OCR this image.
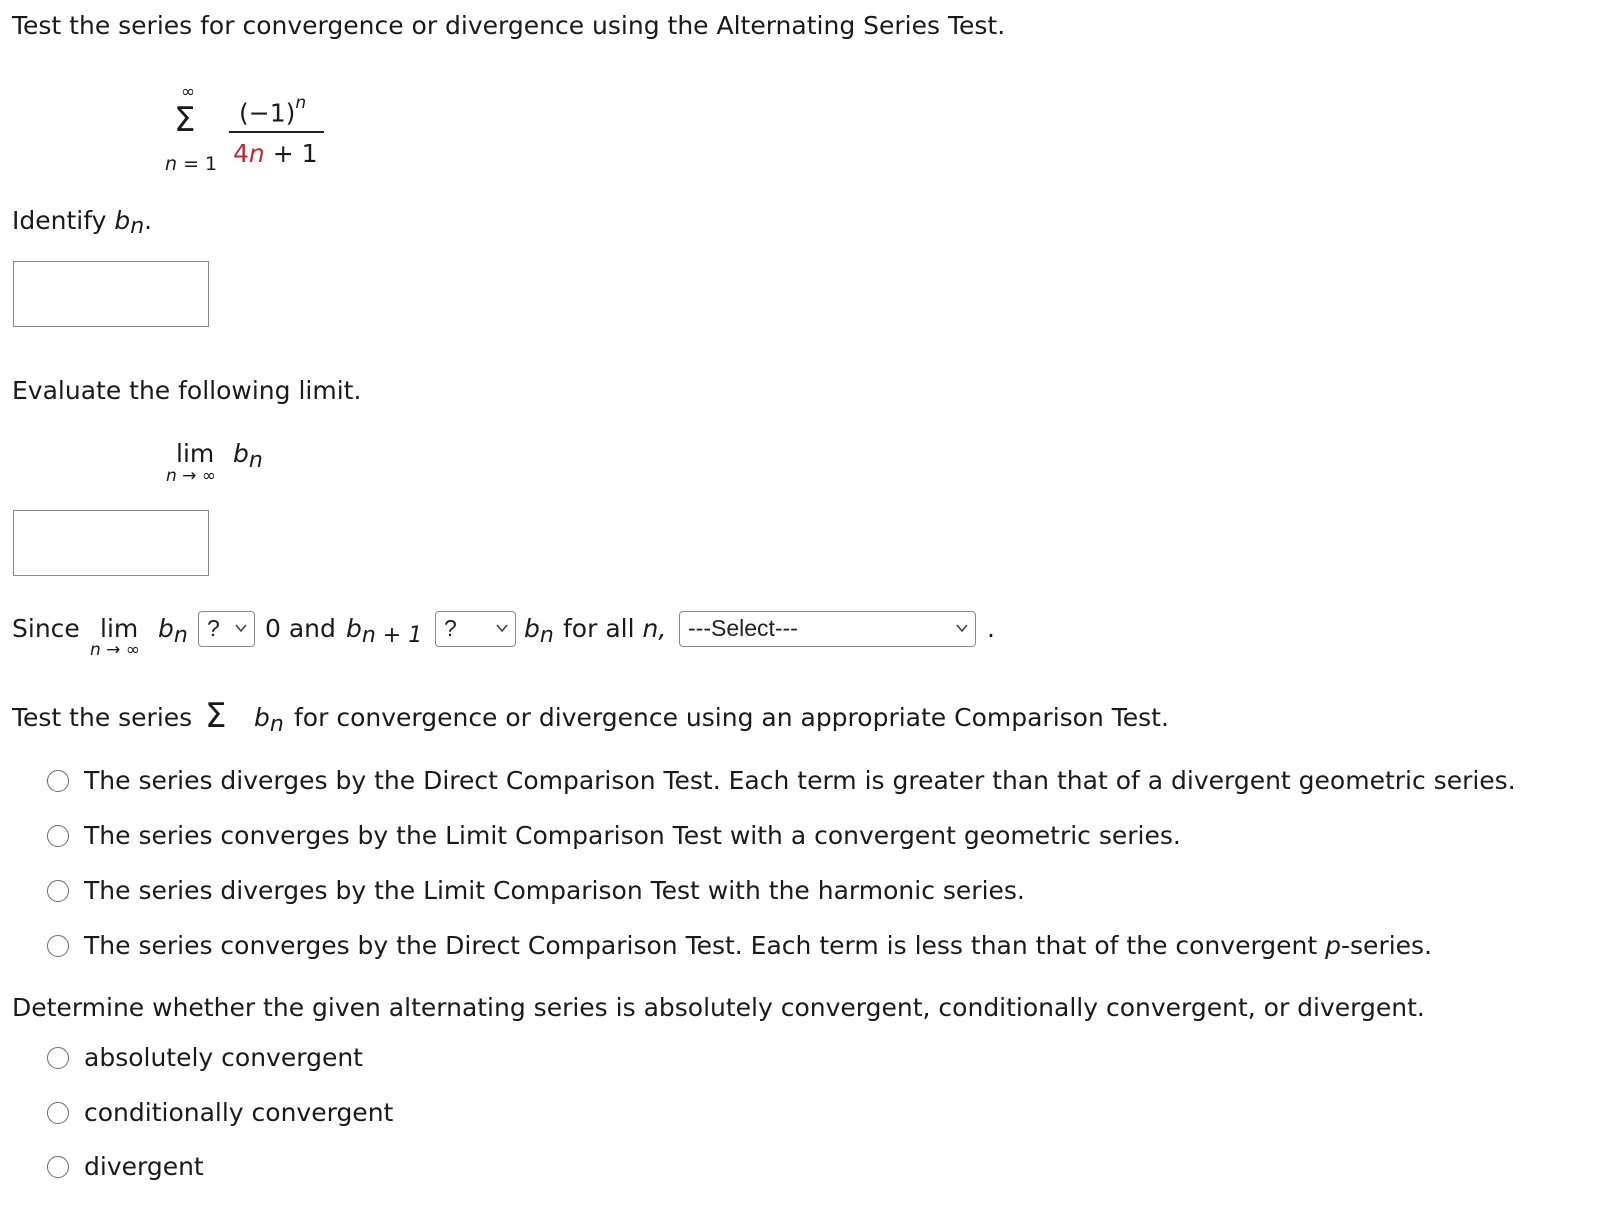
Test the series for convergence or divergence using the Alternating Series Test.
∞
Σ
n = 1
$(-1)^n$
4n + 1
Identify $b_n$.
Evaluate the following limit.
lim
n → ∞
$b_n$
Since lim
n → ∞
$b_n$ ?	0 and $b_{n + 1}$ ?	$b_n$ for all n, ---Select---	.
Test the series Σ $b_n$ for convergence or divergence using an appropriate Comparison Test.
The series diverges by the Direct Comparison Test. Each term is greater than that of a divergent geometric series.
The series converges by the Limit Comparison Test with a convergent geometric series.
The series diverges by the Limit Comparison Test with the harmonic series.
The series converges by the Direct Comparison Test. Each term is less than that of the convergent p-series.
Determine whether the given alternating series is absolutely convergent, conditionally convergent, or divergent.
absolutely convergent
conditionally convergent
divergent
